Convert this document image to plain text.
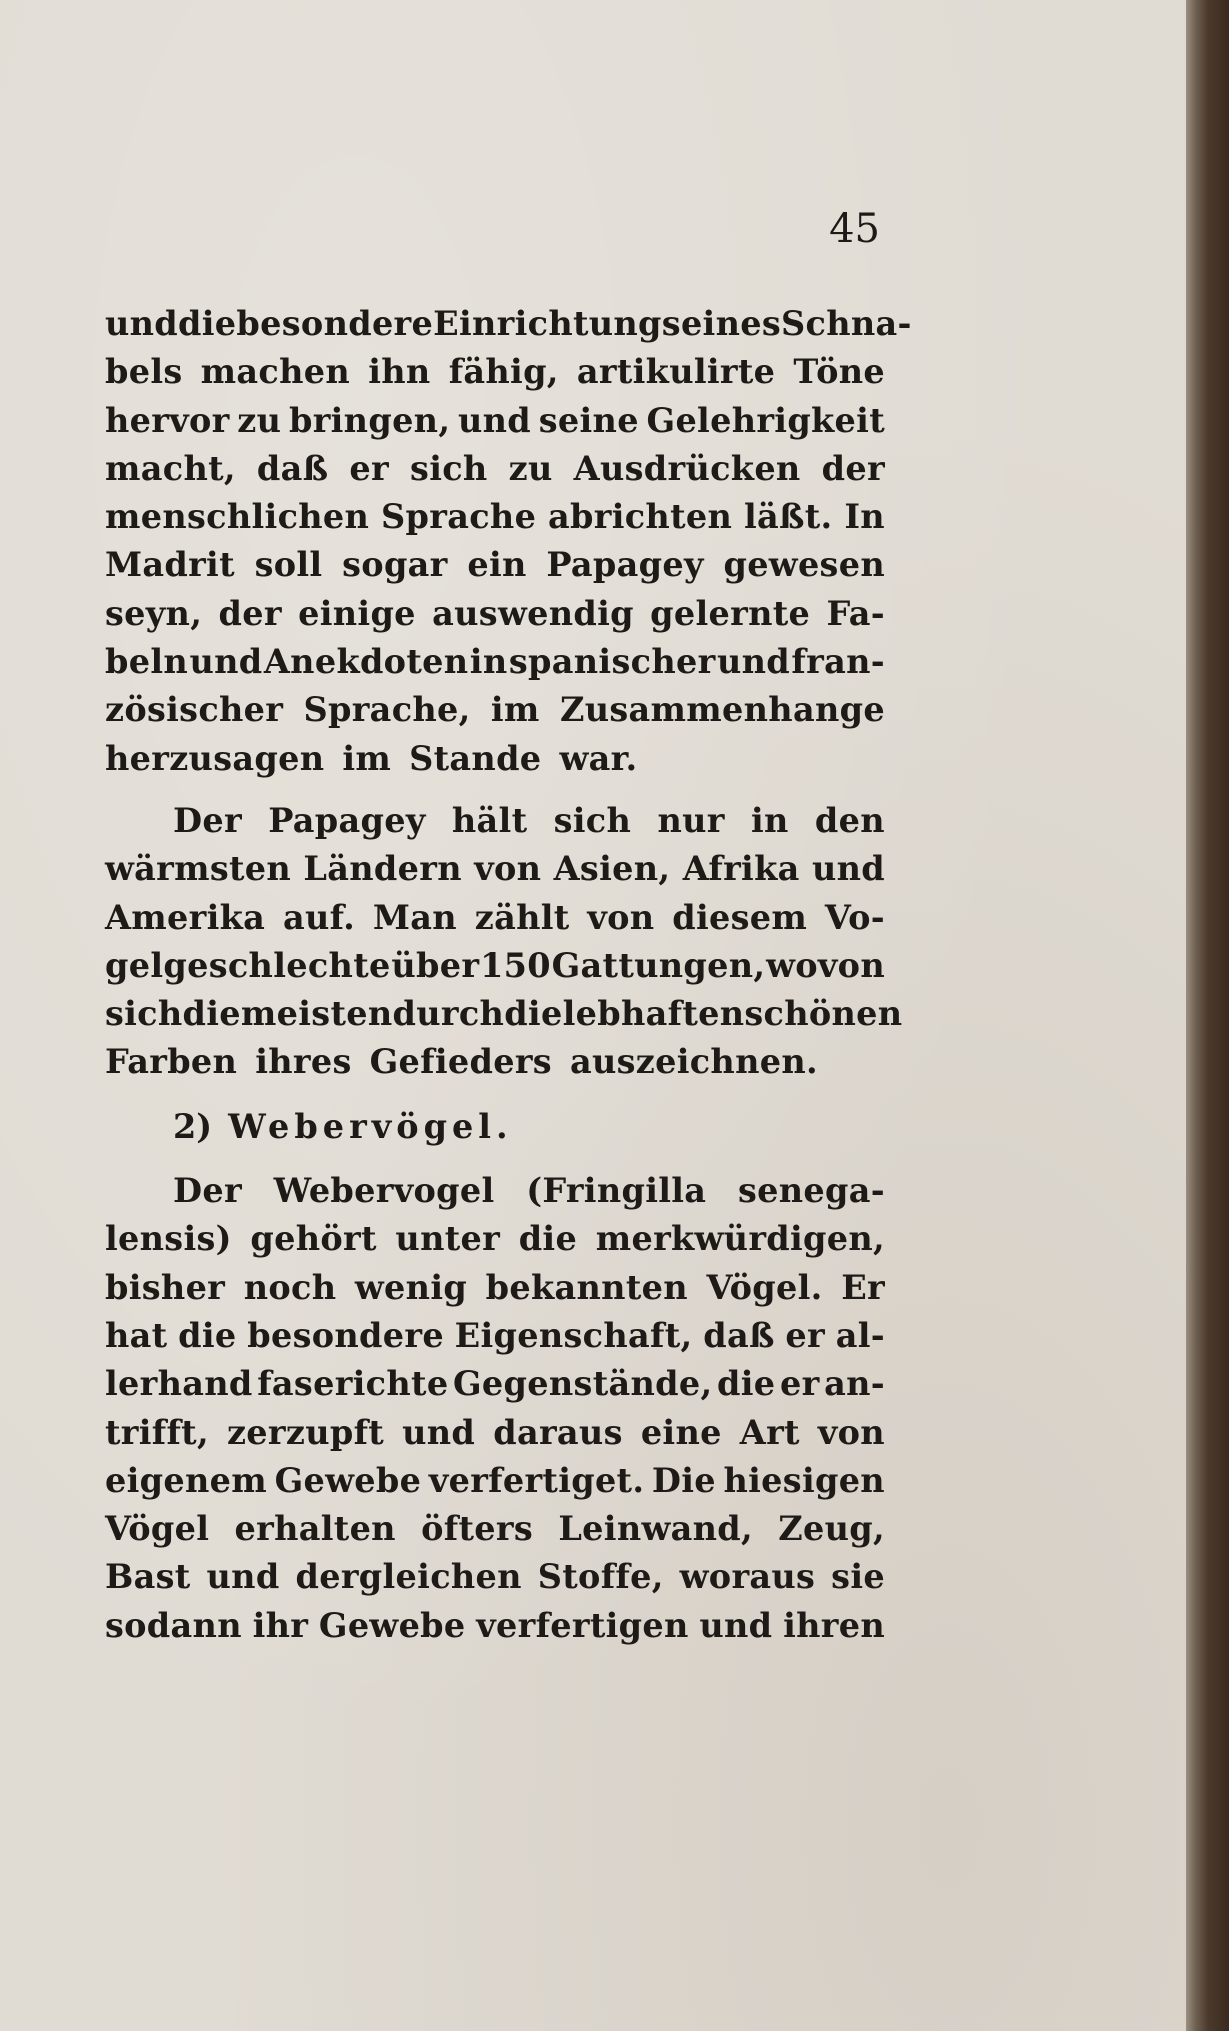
45
und die besondere Einrichtung seines Schna-
bels machen ihn fähig, artikulirte Töne
hervor zu bringen, und seine Gelehrigkeit
macht, daß er sich zu Ausdrücken der
menschlichen Sprache abrichten läßt. In
Madrit soll sogar ein Papagey gewesen
seyn, der einige auswendig gelernte Fa-
beln und Anekdoten in spanischer und fran-
zösischer Sprache, im Zusammenhange
herzusagen im Stande war.
Der Papagey hält sich nur in den
wärmsten Ländern von Asien, Afrika und
Amerika auf. Man zählt von diesem Vo-
gelgeschlechte über 150 Gattungen, wovon
sich die meisten durch die lebhaften schönen
Farben ihres Gefieders auszeichnen.
2) Webervögel.
Der Webervogel (Fringilla senega-
lensis) gehört unter die merkwürdigen,
bisher noch wenig bekannten Vögel. Er
hat die besondere Eigenschaft, daß er al-
lerhand faserichte Gegenstände, die er an-
trifft, zerzupft und daraus eine Art von
eigenem Gewebe verfertiget. Die hiesigen
Vögel erhalten öfters Leinwand, Zeug,
Bast und dergleichen Stoffe, woraus sie
sodann ihr Gewebe verfertigen und ihren
